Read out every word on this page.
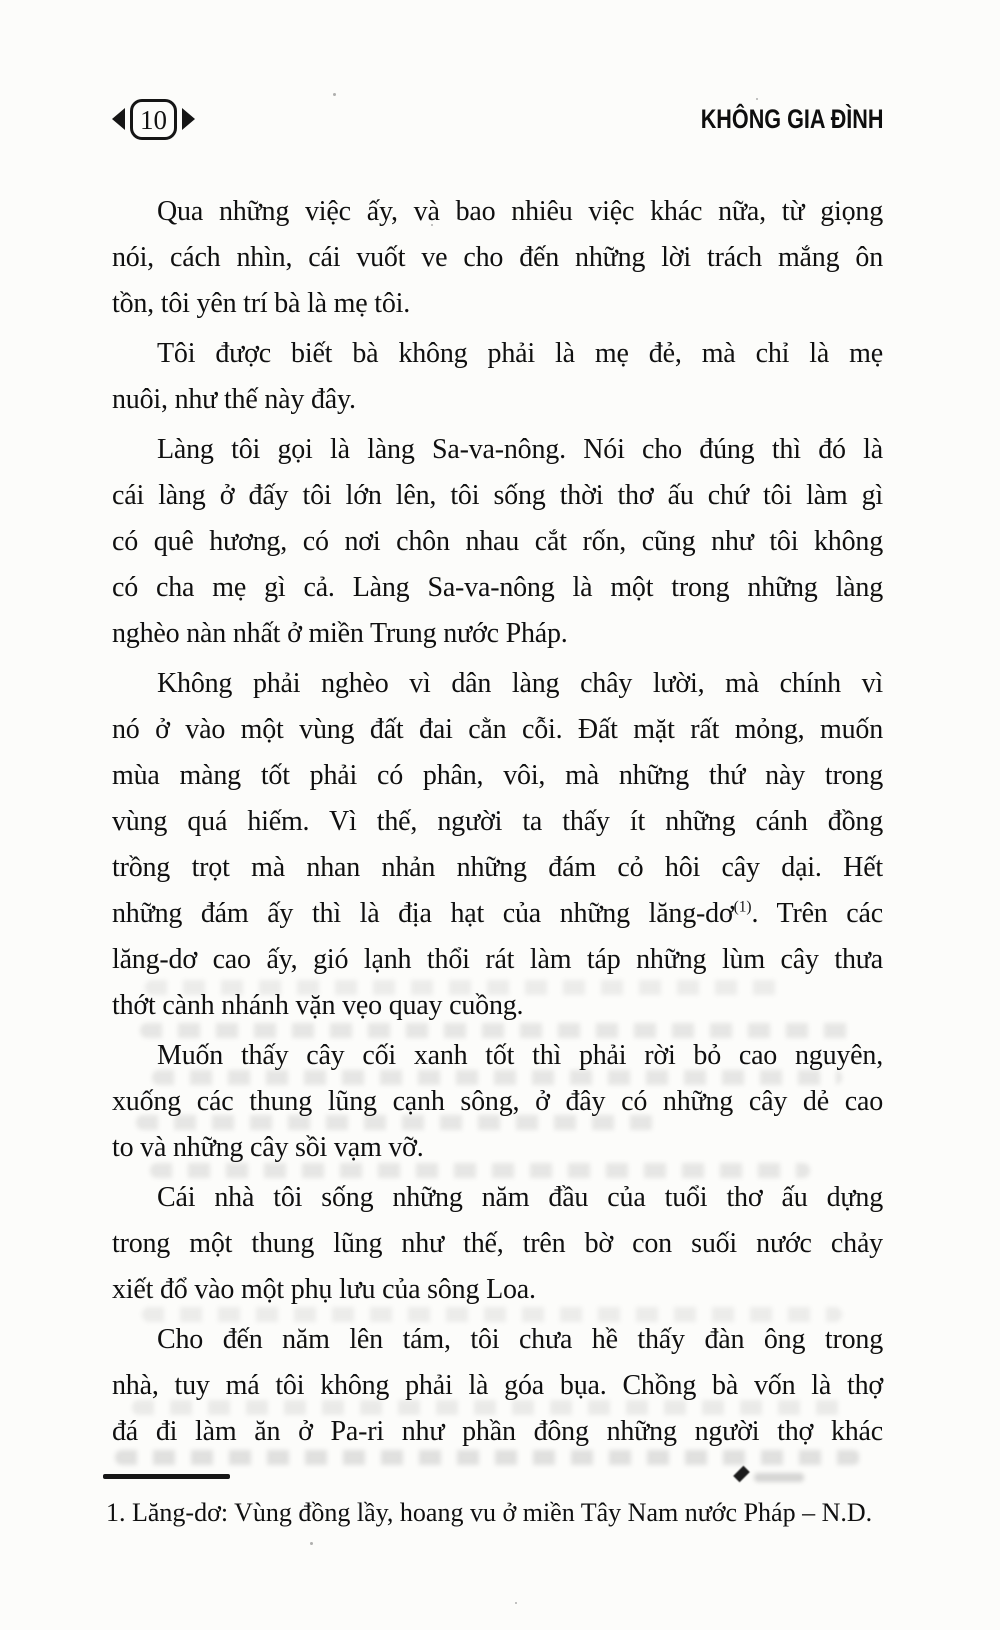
10	KHÔNG GIA ĐÌNH

Qua những việc ấy, và bao nhiêu việc khác nữa, từ giọng
nói, cách nhìn, cái vuốt ve cho đến những lời trách mắng ôn
tồn, tôi yên trí bà là mẹ tôi.

Tôi được biết bà không phải là mẹ đẻ, mà chỉ là mẹ
nuôi, như thế này đây.

Làng tôi gọi là làng Sa-va-nông. Nói cho đúng thì đó là
cái làng ở đấy tôi lớn lên, tôi sống thời thơ ấu chứ tôi làm gì
có quê hương, có nơi chôn nhau cắt rốn, cũng như tôi không
có cha mẹ gì cả. Làng Sa-va-nông là một trong những làng
nghèo nàn nhất ở miền Trung nước Pháp.

Không phải nghèo vì dân làng chây lười, mà chính vì
nó ở vào một vùng đất đai cằn cỗi. Đất mặt rất mỏng, muốn
mùa màng tốt phải có phân, vôi, mà những thứ này trong
vùng quá hiếm. Vì thế, người ta thấy ít những cánh đồng
trồng trọt mà nhan nhản những đám cỏ hôi cây dại. Hết
những đám ấy thì là địa hạt của những lăng-$dơ^{(1)}$. Trên các
lăng-dơ cao ấy, gió lạnh thổi rát làm táp những lùm cây thưa
thớt cành nhánh vặn vẹo quay cuồng.

Muốn thấy cây cối xanh tốt thì phải rời bỏ cao nguyên,
xuống các thung lũng cạnh sông, ở đây có những cây dẻ cao
to và những cây sồi vạm vỡ.

Cái nhà tôi sống những năm đầu của tuổi thơ ấu dựng
trong một thung lũng như thế, trên bờ con suối nước chảy
xiết đổ vào một phụ lưu của sông Loa.

Cho đến năm lên tám, tôi chưa hề thấy đàn ông trong
nhà, tuy má tôi không phải là góa bụa. Chồng bà vốn là thợ
đá đi làm ăn ở Pa-ri như phần đông những người thợ khác

1. Lăng-dơ: Vùng đồng lầy, hoang vu ở miền Tây Nam nước Pháp – N.D.
